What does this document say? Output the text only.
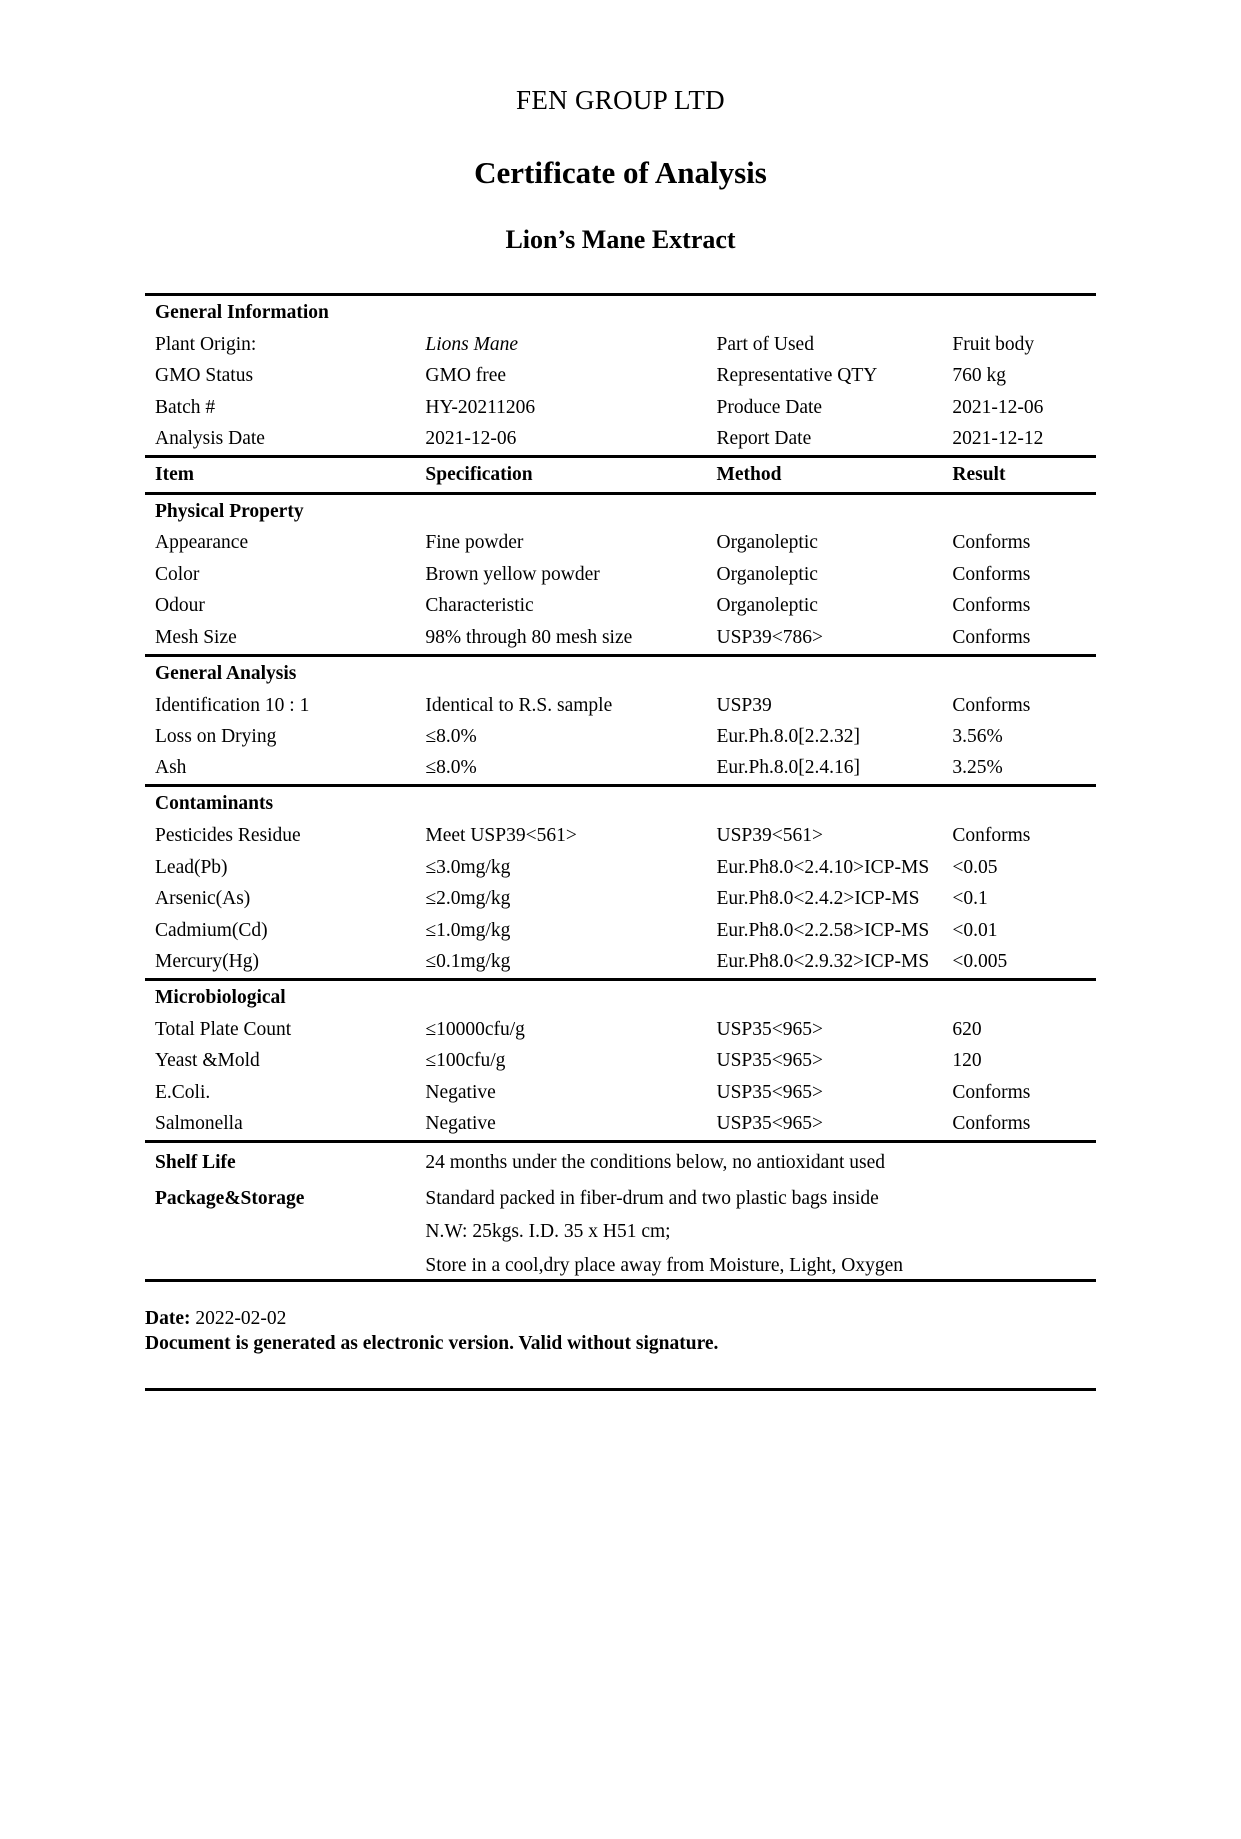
FEN GROUP LTD
Certificate of Analysis
Lion’s Mane Extract

General Information			
Plant Origin:	Lions Mane	Part of Used	Fruit body
GMO Status	GMO free	Representative QTY	760 kg
Batch #	HY-20211206	Produce Date	2021-12-06
Analysis Date	2021-12-06	Report Date	2021-12-12

Item	Specification	Method	Result

Physical Property			
Appearance	Fine powder	Organoleptic	Conforms
Color	Brown yellow powder	Organoleptic	Conforms
Odour	Characteristic	Organoleptic	Conforms
Mesh Size	98% through 80 mesh size	USP39<786>	Conforms

General Analysis			
Identification 10 : 1	Identical to R.S. sample	USP39	Conforms
Loss on Drying	≤8.0%	Eur.Ph.8.0[2.2.32]	3.56%
Ash	≤8.0%	Eur.Ph.8.0[2.4.16]	3.25%

Contaminants			
Pesticides Residue	Meet USP39<561>	USP39<561>	Conforms
Lead(Pb)	≤3.0mg/kg	Eur.Ph8.0<2.4.10>ICP-MS	<0.05
Arsenic(As)	≤2.0mg/kg	Eur.Ph8.0<2.4.2>ICP-MS	<0.1
Cadmium(Cd)	≤1.0mg/kg	Eur.Ph8.0<2.2.58>ICP-MS	<0.01
Mercury(Hg)	≤0.1mg/kg	Eur.Ph8.0<2.9.32>ICP-MS	<0.005

Microbiological			
Total Plate Count	≤10000cfu/g	USP35<965>	620
Yeast &Mold	≤100cfu/g	USP35<965>	120
E.Coli.	Negative	USP35<965>	Conforms
Salmonella	Negative	USP35<965>	Conforms

Shelf Life	24 months under the conditions below, no antioxidant used		
Package&Storage	Standard packed in fiber-drum and two plastic bags inside		
	N.W: 25kgs. I.D. 35 x H51 cm;		
	Store in a cool,dry place away from Moisture, Light, Oxygen		

Date: 2022-02-02
Document is generated as electronic version. Valid without signature.
